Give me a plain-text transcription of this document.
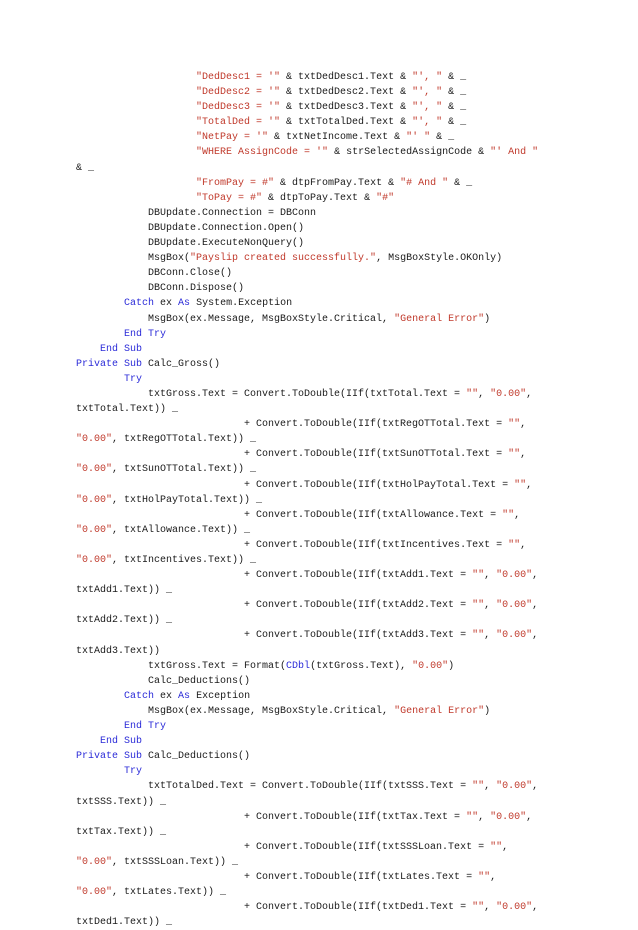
"DedDesc1 = '" & txtDedDesc1.Text & "', " & _
"DedDesc2 = '" & txtDedDesc2.Text & "', " & _
"DedDesc3 = '" & txtDedDesc3.Text & "', " & _
"TotalDed = '" & txtTotalDed.Text & "', " & _
"NetPay = '" & txtNetIncome.Text & "' " & _
"WHERE AssignCode = '" & strSelectedAssignCode & "' And "
& _
"FromPay = #" & dtpFromPay.Text & "# And " & _
"ToPay = #" & dtpToPay.Text & "#"
DBUpdate.Connection = DBConn
DBUpdate.Connection.Open()
DBUpdate.ExecuteNonQuery()
MsgBox("Payslip created successfully.", MsgBoxStyle.OKOnly)
DBConn.Close()
DBConn.Dispose()
Catch ex As System.Exception
MsgBox(ex.Message, MsgBoxStyle.Critical, "General Error")
End Try
End Sub
Private Sub Calc_Gross()
Try
txtGross.Text = Convert.ToDouble(IIf(txtTotal.Text = "", "0.00",
txtTotal.Text)) _
+ Convert.ToDouble(IIf(txtRegOTTotal.Text = "",
"0.00", txtRegOTTotal.Text)) _
+ Convert.ToDouble(IIf(txtSunOTTotal.Text = "",
"0.00", txtSunOTTotal.Text)) _
+ Convert.ToDouble(IIf(txtHolPayTotal.Text = "",
"0.00", txtHolPayTotal.Text)) _
+ Convert.ToDouble(IIf(txtAllowance.Text = "",
"0.00", txtAllowance.Text)) _
+ Convert.ToDouble(IIf(txtIncentives.Text = "",
"0.00", txtIncentives.Text)) _
+ Convert.ToDouble(IIf(txtAdd1.Text = "", "0.00",
txtAdd1.Text)) _
+ Convert.ToDouble(IIf(txtAdd2.Text = "", "0.00",
txtAdd2.Text)) _
+ Convert.ToDouble(IIf(txtAdd3.Text = "", "0.00",
txtAdd3.Text))
txtGross.Text = Format(CDbl(txtGross.Text), "0.00")
Calc_Deductions()
Catch ex As Exception
MsgBox(ex.Message, MsgBoxStyle.Critical, "General Error")
End Try
End Sub
Private Sub Calc_Deductions()
Try
txtTotalDed.Text = Convert.ToDouble(IIf(txtSSS.Text = "", "0.00",
txtSSS.Text)) _
+ Convert.ToDouble(IIf(txtTax.Text = "", "0.00",
txtTax.Text)) _
+ Convert.ToDouble(IIf(txtSSSLoan.Text = "",
"0.00", txtSSSLoan.Text)) _
+ Convert.ToDouble(IIf(txtLates.Text = "",
"0.00", txtLates.Text)) _
+ Convert.ToDouble(IIf(txtDed1.Text = "", "0.00",
txtDed1.Text)) _
